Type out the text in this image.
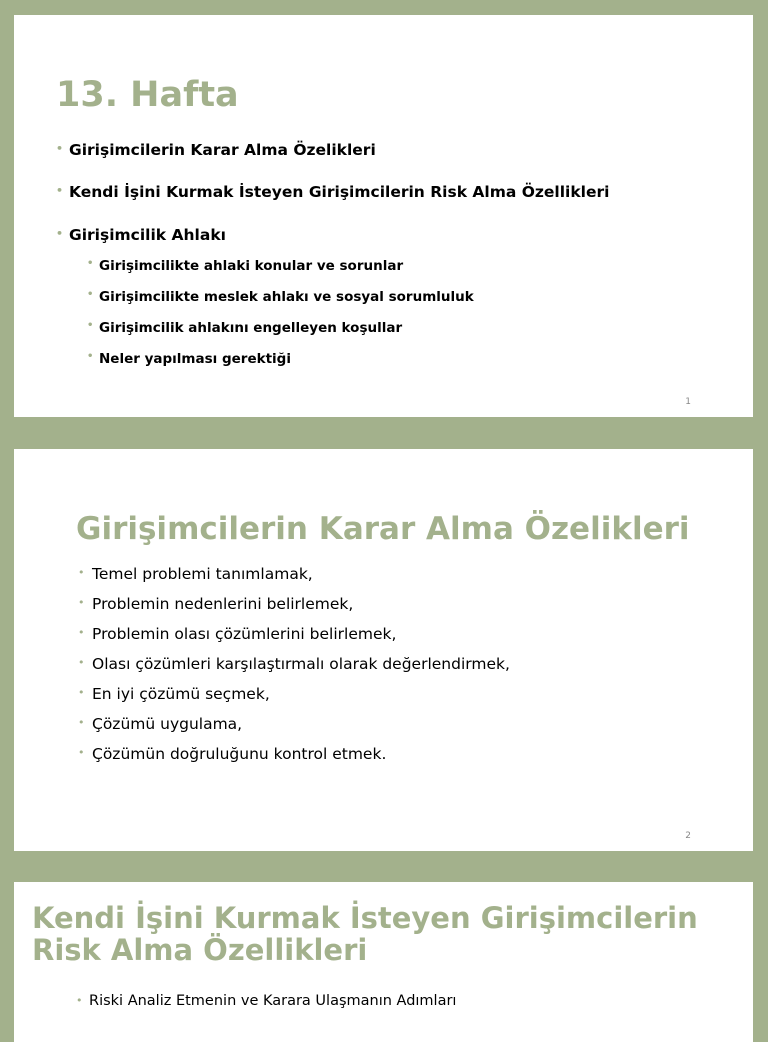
13. Hafta
• Girişimcilerin Karar Alma Özelikleri
• Kendi İşini Kurmak İsteyen Girişimcilerin Risk Alma Özellikleri
• Girişimcilik Ahlakı
• Girişimcilikte ahlaki konular ve sorunlar
• Girişimcilikte meslek ahlakı ve sosyal sorumluluk
• Girişimcilik ahlakını engelleyen koşullar
• Neler yapılması gerektiği
1
Girişimcilerin Karar Alma Özelikleri
• Temel problemi tanımlamak,
• Problemin nedenlerini belirlemek,
• Problemin olası çözümlerini belirlemek,
• Olası çözümleri karşılaştırmalı olarak değerlendirmek,
• En iyi çözümü seçmek,
• Çözümü uygulama,
• Çözümün doğruluğunu kontrol etmek.
2
Kendi İşini Kurmak İsteyen Girişimcilerin Risk Alma Özellikleri
• Riski Analiz Etmenin ve Karara Ulaşmanın Adımları
